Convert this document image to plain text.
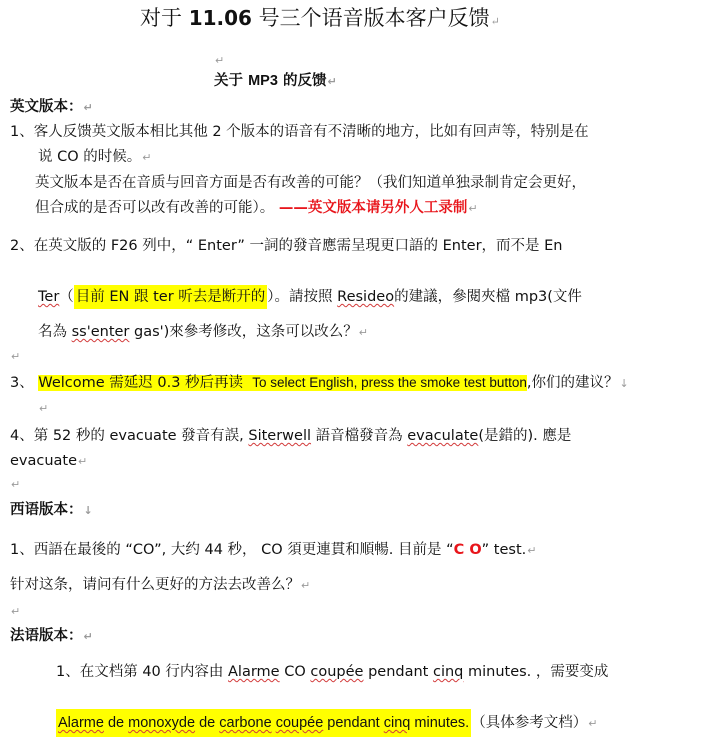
对于 11.06 号三个语音版本客户反馈↵
↵
关于 MP3 的反馈↵
英文版本：↵
1、客人反馈英文版本相比其他 2 个版本的语音有不清晰的地方，比如有回声等，特别是在
说 CO 的时候。↵
英文版本是否在音质与回音方面是否有改善的可能？（我们知道单独录制肯定会更好，
但合成的是否可以改有改善的可能）。 ——英文版本请另外人工录制↵
2、在英文版的 F26 列中，“ Enter” 一詞的發音應需呈現更口語的 Enter，而不是 En
Ter（ 目前 EN 跟 ter 听去是断开的 ）。請按照 Resideo的建議，參閱夾檔 mp3(文件
名為 ss'enter gas')來參考修改，这条可以改么？↵
↵
3、 Welcome 需延迟 0.3 秒后再读 To select English, press the smoke test button,你们的建议？↓
↵
4、第 52 秒的 evacuate 發音有誤, Siterwell 語音檔發音為 evaculate(是錯的). 應是
evacuate↵
↵
西语版本：↓
1、西語在最後的 “CO”, 大约 44 秒， CO 須更連貫和順暢. 目前是 “C O” test.↵
针对这条，请问有什么更好的方法去改善么？↵
↵
法语版本：↵
1、在文档第 40 行内容由 Alarme CO coupée pendant cinq minutes. ，需要变成
Alarme de monoxyde de carbone coupée pendant cinq minutes. （具体参考文档）↵
